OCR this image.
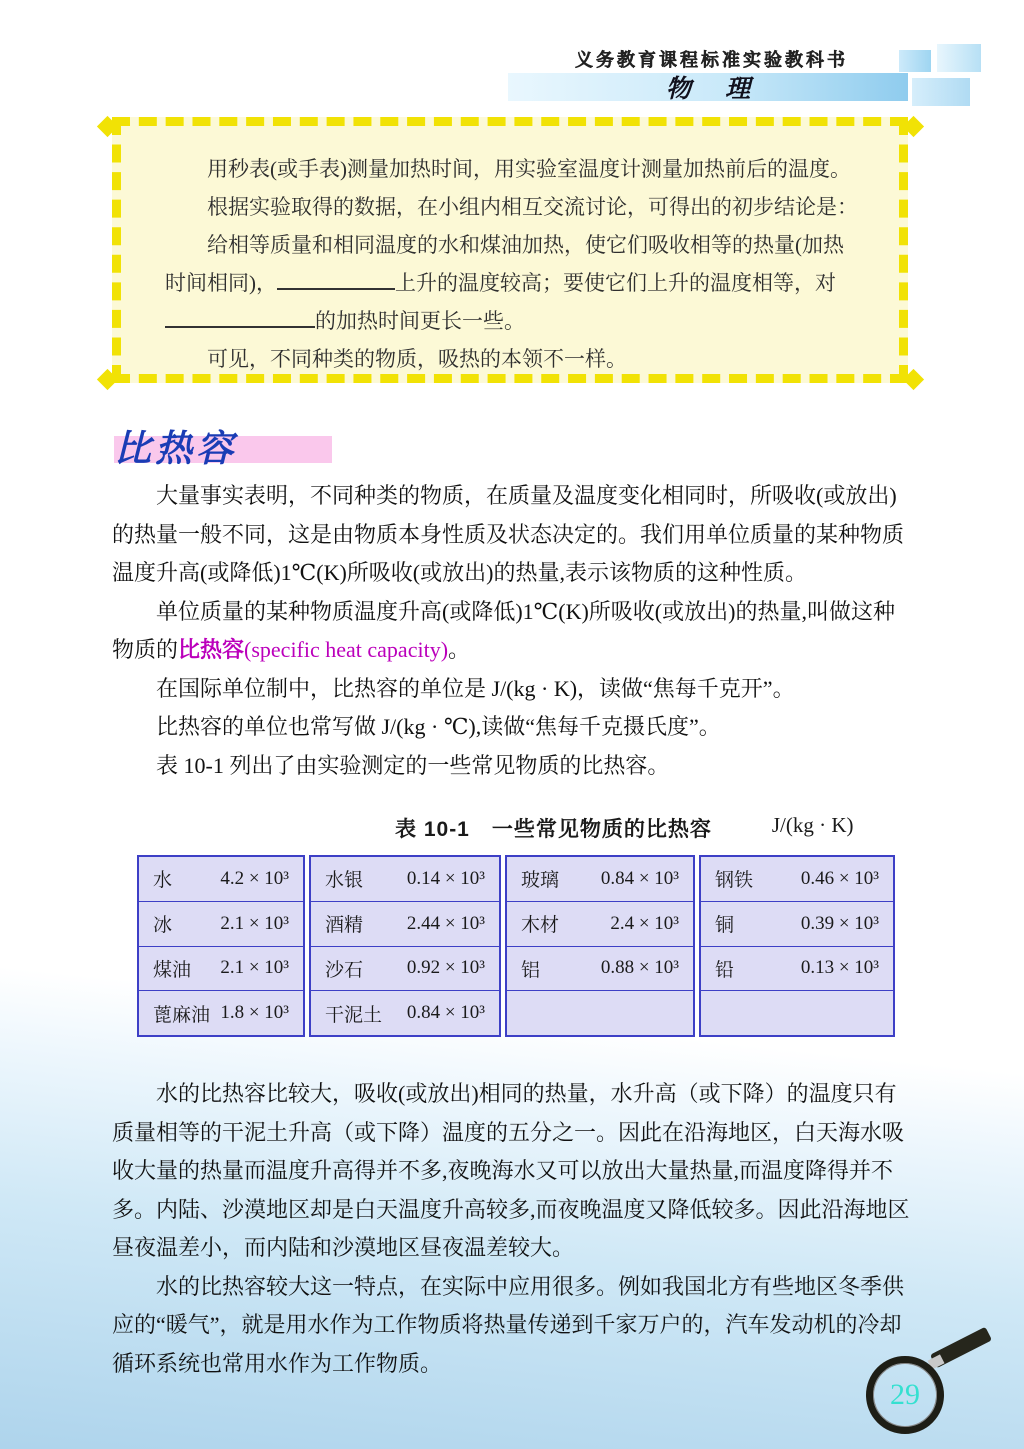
义务教育课程标准实验教科书
物 理

用秒表(或手表)测量加热时间，用实验室温度计测量加热前后的温度。

根据实验取得的数据，在小组内相互交流讨论，可得出的初步结论是：

给相等质量和相同温度的水和煤油加热，使它们吸收相等的热量(加热时间相同)，	上升的温度较高；要使它们上升的温度相等，对的加热时间更长一些。

可见，不同种类的物质，吸热的本领不一样。

比热容

大量事实表明，不同种类的物质，在质量及温度变化相同时，所吸收(或放出)的热量一般不同，这是由物质本身性质及状态决定的。我们用单位质量的某种物质温度升高(或降低)1℃(K)所吸收(或放出)的热量,表示该物质的这种性质。

单位质量的某种物质温度升高(或降低)1℃(K)所吸收(或放出)的热量,叫做这种物质的比热容(specific heat capacity)。

在国际单位制中，比热容的单位是 J/(kg · K)，读做“焦每千克开”。

比热容的单位也常写做 J/(kg · ℃),读做“焦每千克摄氏度”。

表 10-1 列出了由实验测定的一些常见物质的比热容。

表 10-1　一些常见物质的比热容	J/(kg · K)
水	4.2 × 10³
冰	2.1 × 10³
煤油 2.1 × 10³
蓖麻油 1.8 × 10³
水银 0.14 × 10³
酒精 2.44 × 10³
沙石 0.92 × 10³
干泥土 0.84 × 10³
玻璃 0.84 × 10³
木材	2.4 × 10³
铝	0.88 × 10³
钢铁	0.46 × 10³
铜	0.39 × 10³
铅	0.13 × 10³

水的比热容比较大，吸收(或放出)相同的热量，水升高（或下降）的温度只有质量相等的干泥土升高（或下降）温度的五分之一。因此在沿海地区，白天海水吸收大量的热量而温度升高得并不多,夜晚海水又可以放出大量热量,而温度降得并不多。内陆、沙漠地区却是白天温度升高较多,而夜晚温度又降低较多。因此沿海地区昼夜温差小，而内陆和沙漠地区昼夜温差较大。

水的比热容较大这一特点，在实际中应用很多。例如我国北方有些地区冬季供应的“暖气”，就是用水作为工作物质将热量传递到千家万户的，汽车发动机的冷却循环系统也常用水作为工作物质。

29
